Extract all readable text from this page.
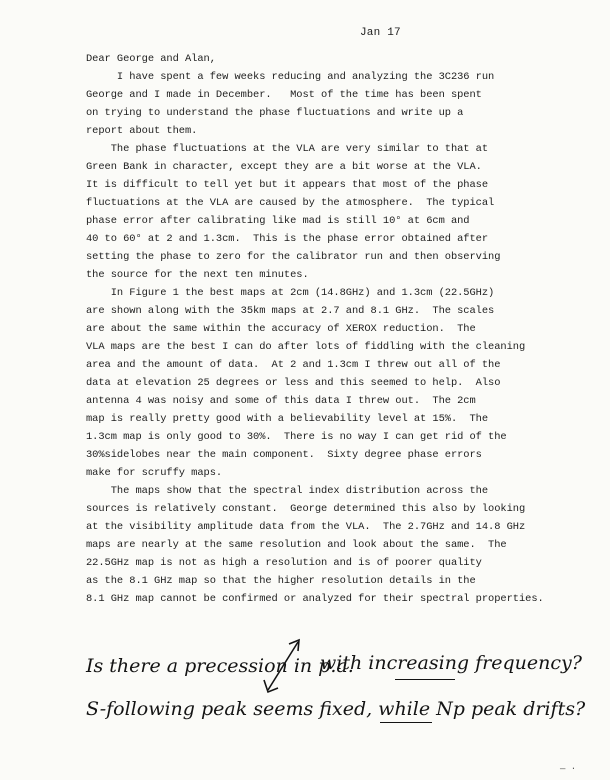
Jan 17
Dear George and Alan,
I have spent a few weeks reducing and analyzing the 3C236 run
George and I made in December.   Most of the time has been spent
on trying to understand the phase fluctuations and write up a
report about them.
The phase fluctuations at the VLA are very similar to that at
Green Bank in character, except they are a bit worse at the VLA.
It is difficult to tell yet but it appears that most of the phase
fluctuations at the VLA are caused by the atmosphere.  The typical
phase error after calibrating like mad is still 10° at 6cm and
40 to 60° at 2 and 1.3cm.  This is the phase error obtained after
setting the phase to zero for the calibrator run and then observing
the source for the next ten minutes.
In Figure 1 the best maps at 2cm (14.8GHz) and 1.3cm (22.5GHz)
are shown along with the 35km maps at 2.7 and 8.1 GHz.  The scales
are about the same within the accuracy of XEROX reduction.  The
VLA maps are the best I can do after lots of fiddling with the cleaning
area and the amount of data.  At 2 and 1.3cm I threw out all of the
data at elevation 25 degrees or less and this seemed to help.  Also
antenna 4 was noisy and some of this data I threw out.  The 2cm
map is really pretty good with a believability level at 15%.  The
1.3cm map is only good to 30%.  There is no way I can get rid of the
30%sidelobes near the main component.  Sixty degree phase errors
make for scruffy maps.
The maps show that the spectral index distribution across the
sources is relatively constant.  George determined this also by looking
at the visibility amplitude data from the VLA.  The 2.7GHz and 14.8 GHz
maps are nearly at the same resolution and look about the same.  The
22.5GHz map is not as high a resolution and is of poorer quality
as the 8.1 GHz map so that the higher resolution details in the
8.1 GHz map cannot be confirmed or analyzed for their spectral properties.
Is there a precession in p.a.
with increasing frequency?
S-following peak seems fixed, while Np peak drifts?
— ·
